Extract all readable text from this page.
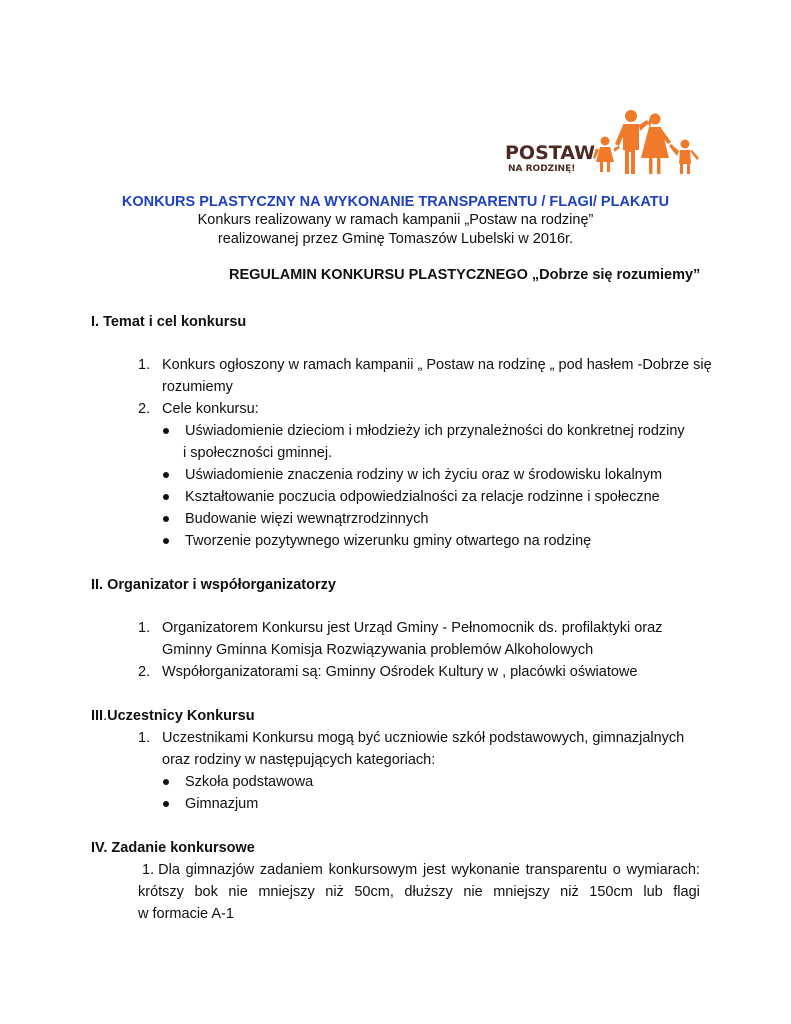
POSTAW
NA RODZINĘ!
KONKURS PLASTYCZNY NA WYKONANIE TRANSPARENTU / FLAGI/ PLAKATU
Konkurs realizowany w ramach kampanii „Postaw na rodzinę”
realizowanej przez Gminę Tomaszów Lubelski w 2016r.
REGULAMIN KONKURSU PLASTYCZNEGO „Dobrze się rozumiemy”
I. Temat i cel konkursu
1. Konkurs ogłoszony w ramach kampanii „ Postaw na rodzinę „ pod hasłem -Dobrze się
rozumiemy
2. Cele konkursu:
Uświadomienie dzieciom i młodzieży ich przynależności do konkretnej rodziny
i społeczności gminnej.
Uświadomienie znaczenia rodziny w ich życiu oraz w środowisku lokalnym
Kształtowanie poczucia odpowiedzialności za relacje rodzinne i społeczne
Budowanie więzi wewnątrzrodzinnych
Tworzenie pozytywnego wizerunku gminy otwartego na rodzinę
II. Organizator i współorganizatorzy
1. Organizatorem Konkursu jest Urząd Gminy - Pełnomocnik ds. profilaktyki oraz
Gminny Gminna Komisja Rozwiązywania problemów Alkoholowych
2. Współorganizatorami są: Gminny Ośrodek Kultury w , placówki oświatowe
III.Uczestnicy Konkursu
1. Uczestnikami Konkursu mogą być uczniowie szkół podstawowych, gimnazjalnych
oraz rodziny w następujących kategoriach:
Szkoła podstawowa
Gimnazjum
IV. Zadanie konkursowe
1. Dla gimnazjów zadaniem konkursowym jest wykonanie transparentu o wymiarach:
krótszy bok nie mniejszy niż 50cm, dłuższy nie mniejszy niż 150cm lub flagi
w formacie A-1
